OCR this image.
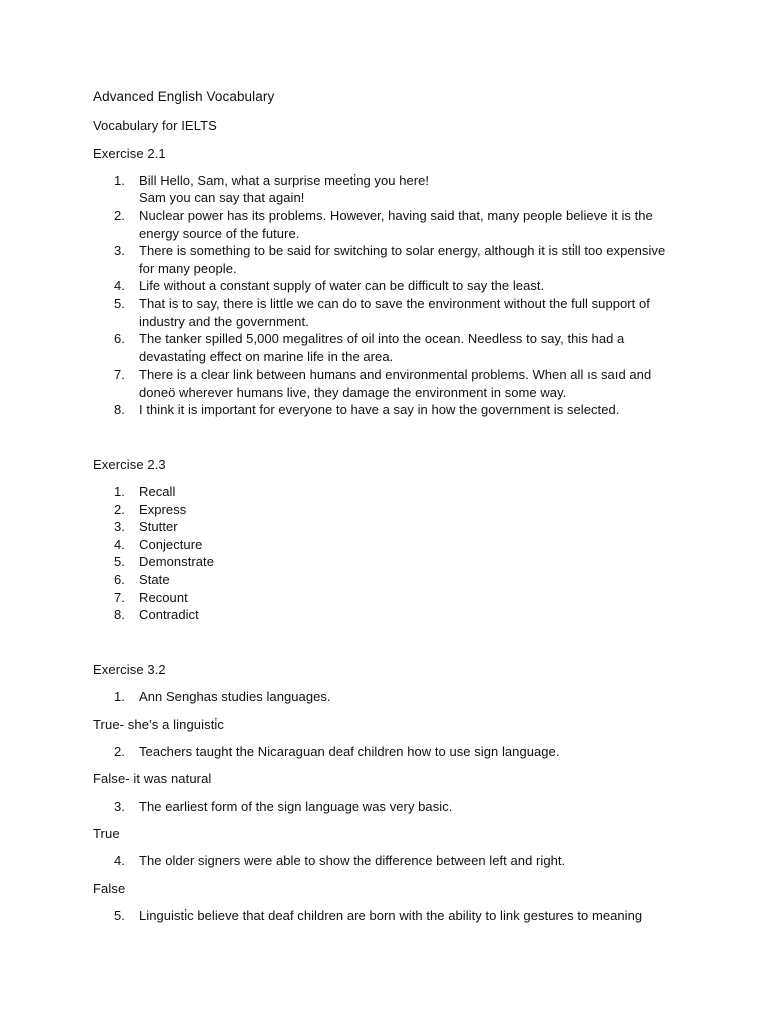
Advanced English Vocabulary
Vocabulary for IELTS
Exercise 2.1
1.	Bill Hello, Sam, what a surprise meeti̇ng you here!
Sam you can say that again!
2.	Nuclear power has its problems. However, having said that, many people believe it is the energy source of the future.
3.	There is something to be said for switching to solar energy, although it is sti̇ll too expensive for many people.
4.	Life without a constant supply of water can be difficult to say the least.
5.	That is to say, there is little we can do to save the environment without the full support of industry and the government.
6.	The tanker spilled 5,000 megalitres of oil into the ocean. Needless to say, this had a devastati̇ng effect on marine life in the area.
7.	There is a clear link between humans and environmental problems. When all ıs saıd and doneö wherever humans live, they damage the environment in some way.
8.	I think it is important for everyone to have a say in how the government is selected.
Exercise 2.3
1.	Recall
2.	Express
3.	Stutter
4.	Conjecture
5.	Demonstrate
6.	State
7.	Recount
8.	Contradict
Exercise 3.2
1.	Ann Senghas studies languages.
True- she’s a linguisti̇c
2.	Teachers taught the Nicaraguan deaf children how to use sign language.
False- it was natural
3.	The earliest form of the sign language was very basic.
True
4.	The older signers were able to show the difference between left and right.
False
5.	Linguisti̇c believe that deaf children are born with the ability to link gestures to meaning
